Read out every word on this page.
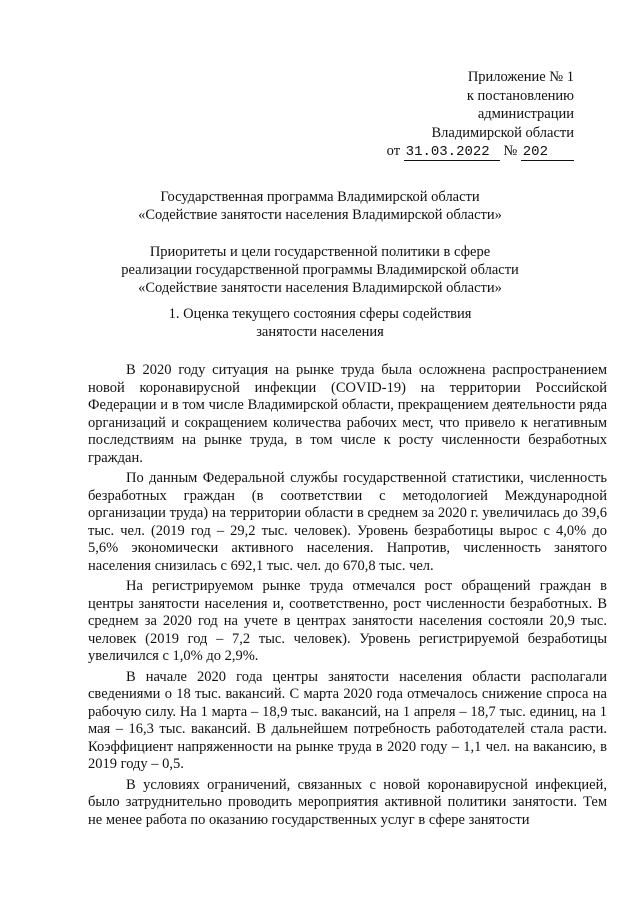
Приложение № 1
к постановлению
администрации
Владимирской области
от 31.03.2022 № 202
Государственная программа Владимирской области
«Содействие занятости населения Владимирской области»
Приоритеты и цели государственной политики в сфере
реализации государственной программы Владимирской области
«Содействие занятости населения Владимирской области»
1. Оценка текущего состояния сферы содействия
занятости населения

В 2020 году ситуация на рынке труда была осложнена распространением новой коронавирусной инфекции (COVID-19) на территории Российской Федерации и в том числе Владимирской области, прекращением деятельности ряда организаций и сокращением количества рабочих мест, что привело к негативным последствиям на рынке труда, в том числе к росту численности безработных граждан.

По данным Федеральной службы государственной статистики, численность безработных граждан (в соответствии с методологией Международной организации труда) на территории области в среднем за 2020 г. увеличилась до 39,6 тыс. чел. (2019 год – 29,2 тыс. человек). Уровень безработицы вырос с 4,0% до 5,6% экономически активного населения. Напротив, численность занятого населения снизилась с 692,1 тыс. чел. до 670,8 тыс. чел.

На регистрируемом рынке труда отмечался рост обращений граждан в центры занятости населения и, соответственно, рост численности безработных. В среднем за 2020 год на учете в центрах занятости населения состояли 20,9 тыс. человек (2019 год – 7,2 тыс. человек). Уровень регистрируемой безработицы увеличился с 1,0% до 2,9%.

В начале 2020 года центры занятости населения области располагали сведениями о 18 тыс. вакансий. С марта 2020 года отмечалось снижение спроса на рабочую силу. На 1 марта – 18,9 тыс. вакансий, на 1 апреля – 18,7 тыс. единиц, на 1 мая – 16,3 тыс. вакансий. В дальнейшем потребность работодателей стала расти. Коэффициент напряженности на рынке труда в 2020 году – 1,1 чел. на вакансию, в 2019 году – 0,5.

В условиях ограничений, связанных с новой коронавирусной инфекцией, было затруднительно проводить мероприятия активной политики занятости. Тем не менее работа по оказанию государственных услуг в сфере занятости
